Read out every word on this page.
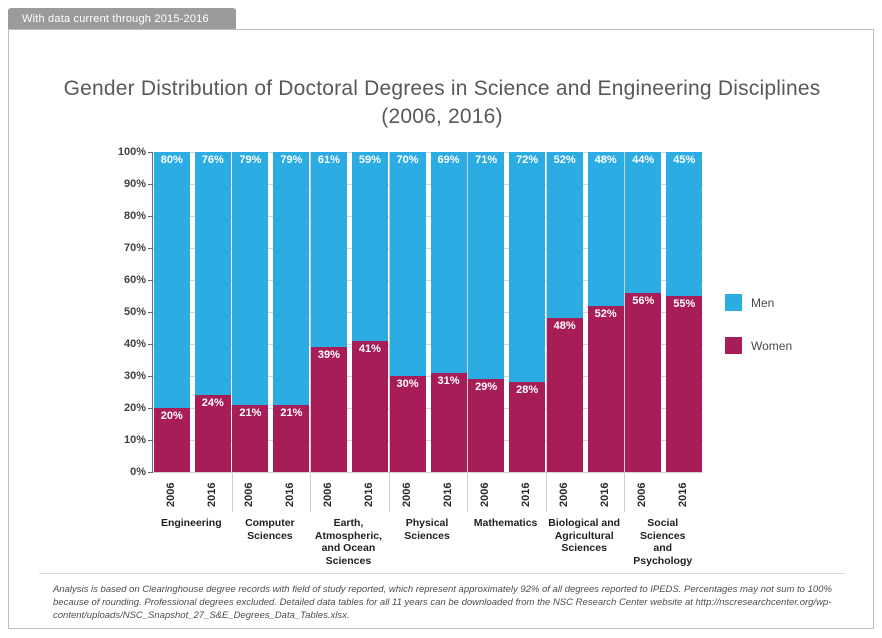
With data current through 2015-2016
Gender Distribution of Doctoral Degrees in Science and Engineering Disciplines
(2006, 2016)
100%
90%
80%
70%
60%
50%
40%
30%
20%
10%
0%
80%
20%
76%
24%
79%
21%
79%
21%
61%
39%
59%
41%
70%
30%
69%
31%
71%
29%
72%
28%
52%
48%
48%
52%
44%
56%
45%
55%
2006	2016	2006	2016	2006	2016	2006	2016	2006	2016	2006	2016	2006	2016
Engineering	Computer
Sciences
Earth,
Atmospheric,
and Ocean
Sciences
Physical
Sciences
Mathematics	Biological and
Agricultural
Sciences
Social Sciences
and Psychology
Men
Women
Analysis is based on Clearinghouse degree records with field of study reported, which represent approximately 92% of all degrees reported to IPEDS. Percentages may not sum to 100% because of rounding. Professional degrees excluded. Detailed data tables for all 11 years can be downloaded from the NSC Research Center website at http://nscresearchcenter.org/wp-content/uploads/NSC_Snapshot_27_S&E_Degrees_Data_Tables.xlsx.
